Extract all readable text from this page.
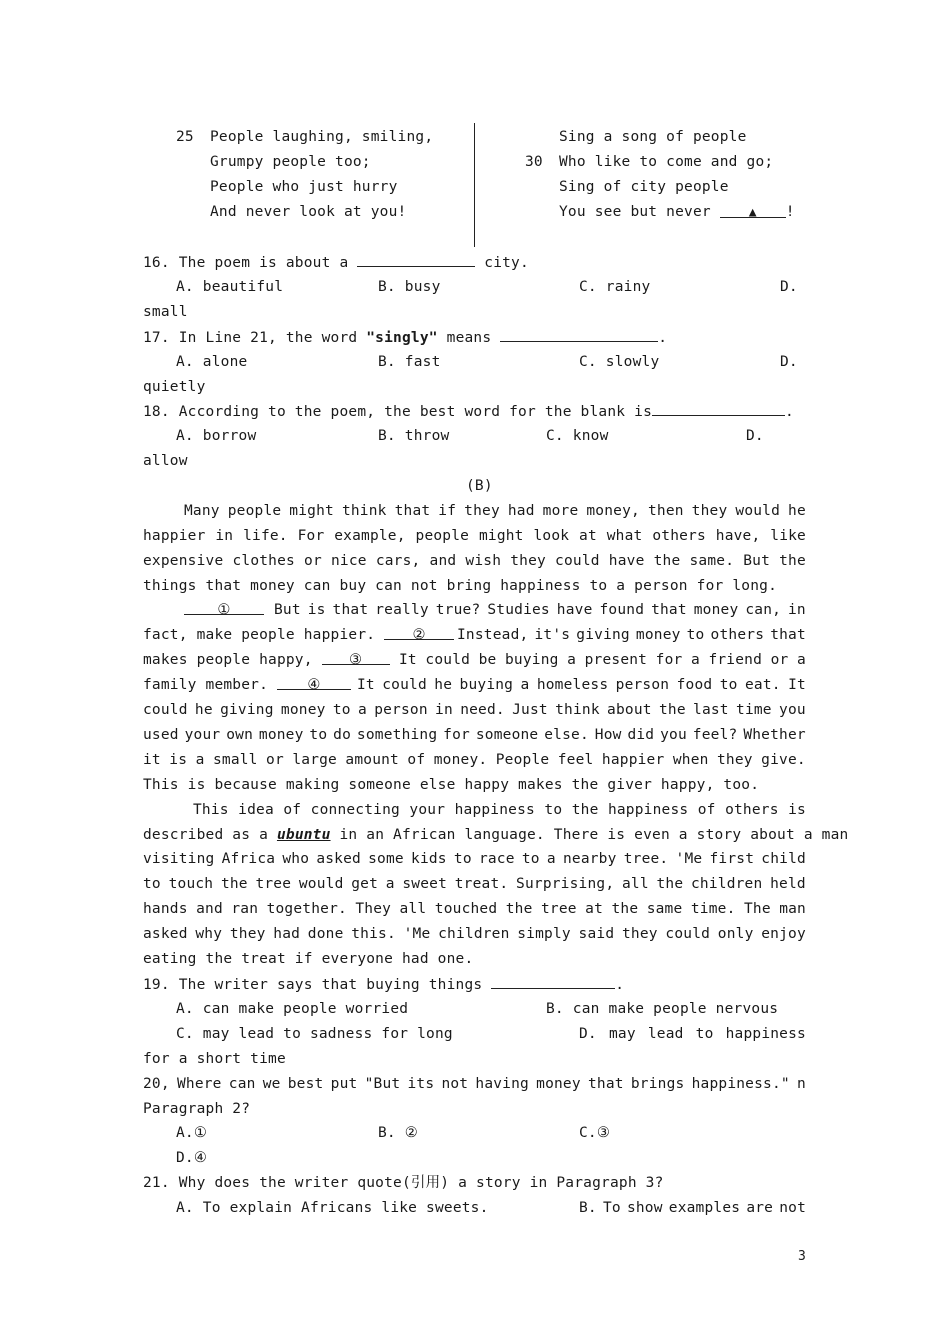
25 People laughing, smiling,
Grumpy people too;
People who just hurry
And never look at you!
Sing a song of people
30 Who like to come and go;
Sing of city people
You see but never	▲ !
16. The poem is about a	city.
A. beautiful	B. busy	C. rainy	D.
small
17. In Line 21, the word "singly" means	.
A. alone	B. fast	C. slowly	D.
quietly
18. According to the poem, the best word for the blank is	.
A. borrow	B. throw	C. know	D.
allow
(B)
Many people might think that if they had more money, then they would he
happier in life. For example, people might look at what others have, like
expensive clothes or nice cars, and wish they could have the same. But the
things that money can buy can not bring happiness to a person for long.
①	But is that really true? Studies have found that money can, in
fact, make people happier.	②	Instead, it's giving money to others that
makes people happy,	③	It could be buying a present for a friend or a
family member.	④	It could he buying a homeless person food to eat. It
could he giving money to a person in need. Just think about the last time you
used your own money to do something for someone else. How did you feel? Whether
it is a small or large amount of money. People feel happier when they give.
This is because making someone else happy makes the giver happy, too.
This idea of connecting your happiness to the happiness of others is
described as a ubuntu in an African language. There is even a story about a man
visiting Africa who asked some kids to race to a nearby tree. 'Me first child
to touch the tree would get a sweet treat. Surprising, all the children held
hands and ran together. They all touched the tree at the same time. The man
asked why they had done this. 'Me children simply said they could only enjoy
eating the treat if everyone had one.
19. The writer says that buying things	.
A. can make people worried	B. can make people nervous
C. may lead to sadness for long	D. may lead to happiness
for a short time
20, Where can we best put "But its not having money that brings happiness." n
Paragraph 2?
A.①	B. ②	C.③
D.④
21. Why does the writer quote(引用) a story in Paragraph 3?
A. To explain Africans like sweets.	B. To show examples are not
3
